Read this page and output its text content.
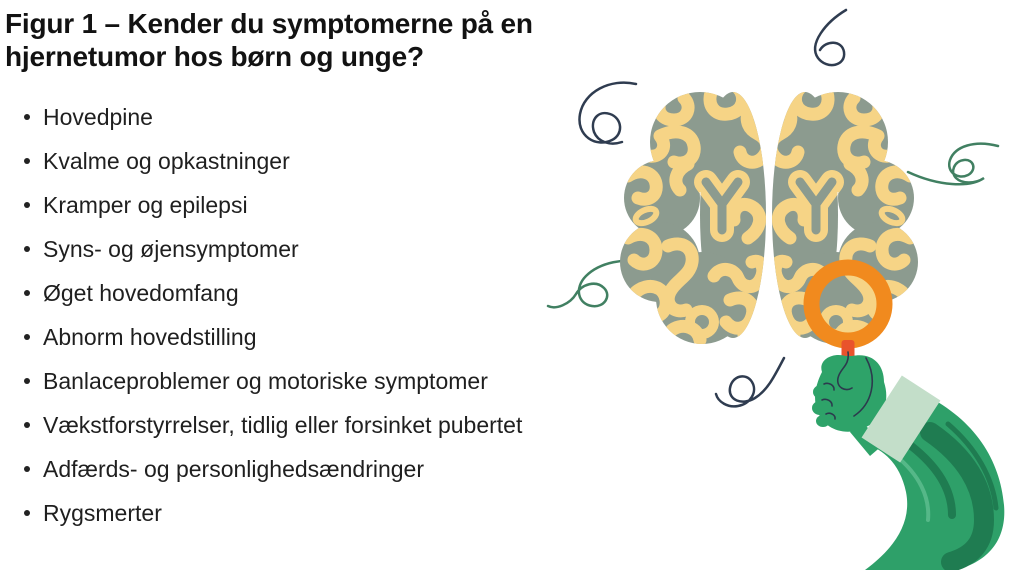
Figur 1 – Kender du symptomerne på en hjernetumor hos børn og unge?
Hovedpine
Kvalme og opkastninger
Kramper og epilepsi
Syns- og øjensymptomer
Øget hovedomfang
Abnorm hovedstilling
Banlaceproblemer og motoriske symptomer
Vækstforstyrrelser, tidlig eller forsinket pubertet
Adfærds- og personlighedsændringer
Rygsmerter
